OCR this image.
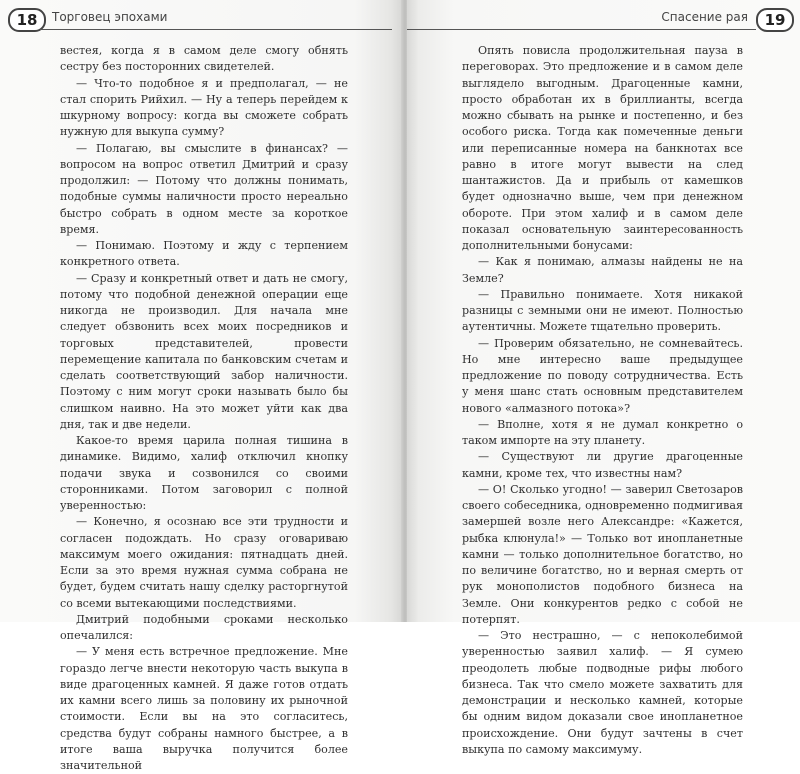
18	Торговец эпохами

вестея, когда я в самом деле смогу обнять сестру без посторонних свидетелей.

— Что-то подобное я и предполагал, — не стал спорить Рийхил. — Ну а теперь перейдем к шкурному вопросу: когда вы сможете собрать нужную для выкупа сумму?

— Полагаю, вы смыслите в финансах? — вопросом на вопрос ответил Дмитрий и сразу продолжил: — Потому что должны понимать, подобные суммы наличности просто нереально быстро собрать в одном месте за короткое время.

— Понимаю. Поэтому и жду с терпением конкретного ответа.

— Сразу и конкретный ответ и дать не смогу, потому что подобной денежной операции еще никогда не производил. Для начала мне следует обзвонить всех моих посредников и торговых представителей, провести перемещение капитала по банковским счетам и сделать соответствующий забор наличности. Поэтому с ним могут сроки называть было бы слишком наивно. На это может уйти как два дня, так и две недели.

Какое-то время царила полная тишина в динамике. Видимо, халиф отключил кнопку подачи звука и созвонился со своими сторонниками. Потом заговорил с полной уверенностью:

— Конечно, я осознаю все эти трудности и согласен подождать. Но сразу оговариваю максимум моего ожидания: пятнадцать дней. Если за это время нужная сумма собрана не будет, будем считать нашу сделку расторгнутой со всеми вытекающими последствиями.

Дмитрий подобными сроками несколько опечалился:

— У меня есть встречное предложение. Мне гораздо легче внести некоторую часть выкупа в виде драгоценных камней. Я даже готов отдать их камни всего лишь за половину их рыночной стоимости. Если вы на это согласитесь, средства будут собраны намного быстрее, а в итоге ваша выручка получится более значительной

Спасение рая	19

Опять повисла продолжительная пауза в переговорах. Это предложение и в самом деле выглядело выгодным. Драгоценные камни, просто обработан их в бриллианты, всегда можно сбывать на рынке и постепенно, и без особого риска. Тогда как помеченные деньги или переписанные номера на банкнотах все равно в итоге могут вывести на след шантажистов. Да и прибыль от камешков будет однозначно выше, чем при денежном обороте. При этом халиф и в самом деле показал основательную заинтересованность дополнительными бонусами:

— Как я понимаю, алмазы найдены не на Земле?

— Правильно понимаете. Хотя никакой разницы с земными они не имеют. Полностью аутентичны. Можете тщательно проверить.

— Проверим обязательно, не сомневайтесь. Но мне интересно ваше предыдущее предложение по поводу сотрудничества. Есть у меня шанс стать основным представителем нового «алмазного потока»?

— Вполне, хотя я не думал конкретно о таком импорте на эту планету.

— Существуют ли другие драгоценные камни, кроме тех, что известны нам?

— О! Сколько угодно! — заверил Светозаров своего собеседника, одновременно подмигивая замершей возле него Александре: «Кажется, рыбка клюнула!» — Только вот инопланетные камни — только дополнительное богатство, но по величине богатство, но и верная смерть от рук монополистов подобного бизнеса на Земле. Они конкурентов редко с собой не потерпят.

— Это нестрашно, — с непоколебимой уверенностью заявил халиф. — Я сумею преодолеть любые подводные рифы любого бизнеса. Так что смело можете захватить для демонстрации и несколько камней, которые бы одним видом доказали свое инопланетное происхождение. Они будут зачтены в счет выкупа по самому максимуму.
